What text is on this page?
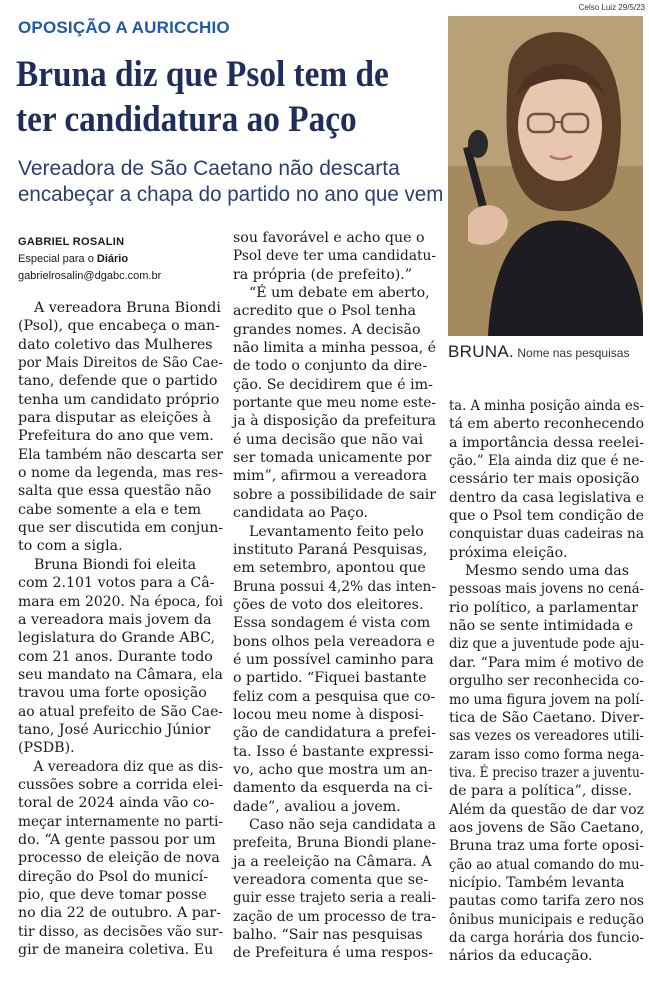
OPOSIÇÃO A AURICCHIO
Bruna diz que Psol tem de
ter candidatura ao Paço
Vereadora de São Caetano não descarta
encabeçar a chapa do partido no ano que vem
Celso Luiz 29/5/23
BRUNA. Nome nas pesquisas
GABRIEL ROSALIN
Especial para o Diário
gabrielrosalin@dgabc.com.br
A vereadora Bruna Biondi
(Psol), que encabeça o man-
dato coletivo das Mulheres
por Mais Direitos de São Cae-
tano, defende que o partido
tenha um candidato próprio
para disputar as eleições à
Prefeitura do ano que vem.
Ela também não descarta ser
o nome da legenda, mas res-
salta que essa questão não
cabe somente a ela e tem
que ser discutida em conjun-
to com a sigla.
Bruna Biondi foi eleita
com 2.101 votos para a Câ-
mara em 2020. Na época, foi
a vereadora mais jovem da
legislatura do Grande ABC,
com 21 anos. Durante todo
seu mandato na Câmara, ela
travou uma forte oposição
ao atual prefeito de São Cae-
tano, José Auricchio Júnior
(PSDB).
A vereadora diz que as dis-
cussões sobre a corrida elei-
toral de 2024 ainda vão co-
meçar internamente no parti-
do. “A gente passou por um
processo de eleição de nova
direção do Psol do municí-
pio, que deve tomar posse
no dia 22 de outubro. A par-
tir disso, as decisões vão sur-
gir de maneira coletiva. Eu
sou favorável e acho que o
Psol deve ter uma candidatu-
ra própria (de prefeito).”
“É um debate em aberto,
acredito que o Psol tenha
grandes nomes. A decisão
não limita a minha pessoa, é
de todo o conjunto da dire-
ção. Se decidirem que é im-
portante que meu nome este-
ja à disposição da prefeitura
é uma decisão que não vai
ser tomada unicamente por
mim”, afirmou a vereadora
sobre a possibilidade de sair
candidata ao Paço.
Levantamento feito pelo
instituto Paraná Pesquisas,
em setembro, apontou que
Bruna possui 4,2% das inten-
ções de voto dos eleitores.
Essa sondagem é vista com
bons olhos pela vereadora e
é um possível caminho para
o partido. “Fiquei bastante
feliz com a pesquisa que co-
locou meu nome à disposi-
ção de candidatura a prefei-
ta. Isso é bastante expressi-
vo, acho que mostra um an-
damento da esquerda na ci-
dade”, avaliou a jovem.
Caso não seja candidata a
prefeita, Bruna Biondi plane-
ja a reeleição na Câmara. A
vereadora comenta que se-
guir esse trajeto seria a reali-
zação de um processo de tra-
balho. “Sair nas pesquisas
de Prefeitura é uma respos-
ta. A minha posição ainda es-
tá em aberto reconhecendo
a importância dessa reelei-
ção.” Ela ainda diz que é ne-
cessário ter mais oposição
dentro da casa legislativa e
que o Psol tem condição de
conquistar duas cadeiras na
próxima eleição.
Mesmo sendo uma das
pessoas mais jovens no cená-
rio político, a parlamentar
não se sente intimidada e
diz que a juventude pode aju-
dar. “Para mim é motivo de
orgulho ser reconhecida co-
mo uma figura jovem na polí-
tica de São Caetano. Diver-
sas vezes os vereadores utili-
zaram isso como forma nega-
tiva. É preciso trazer a juventu-
de para a política”, disse.
Além da questão de dar voz
aos jovens de São Caetano,
Bruna traz uma forte oposi-
ção ao atual comando do mu-
nicípio. Também levanta
pautas como tarifa zero nos
ônibus municipais e redução
da carga horária dos funcio-
nários da educação.
